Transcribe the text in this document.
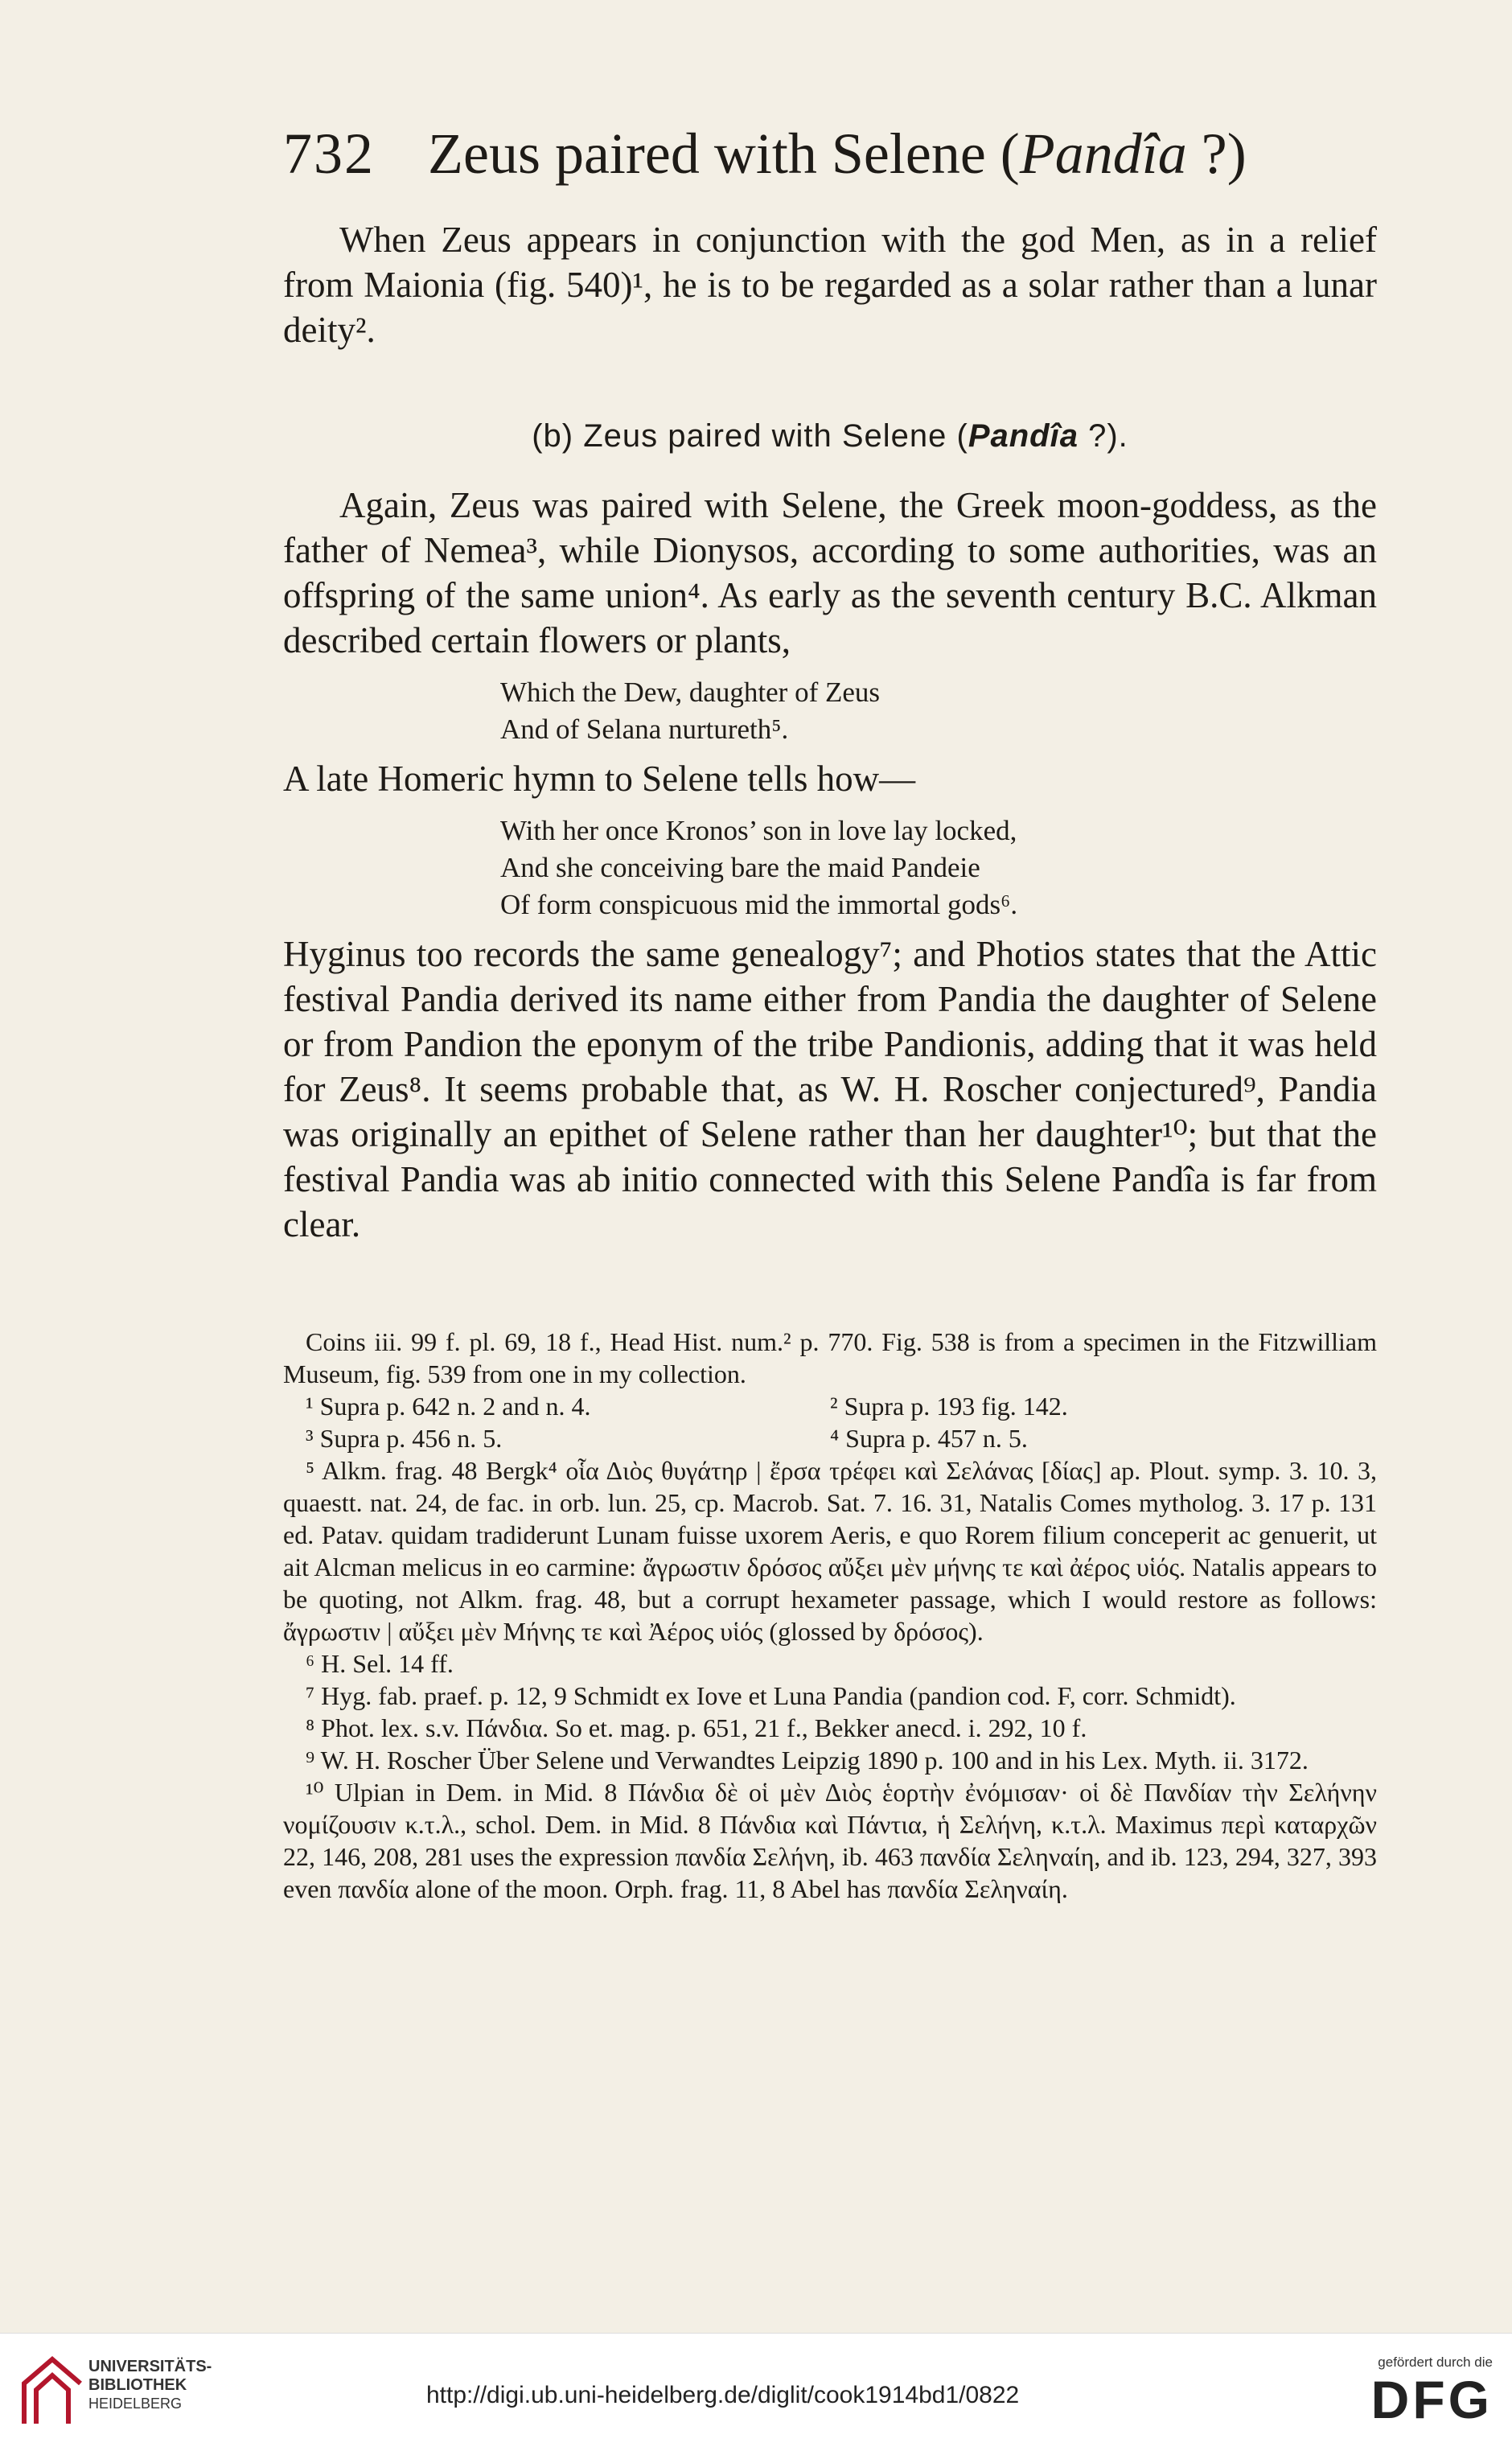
732 Zeus paired with Selene (Pandîa ?)

When Zeus appears in conjunction with the god Men, as in a relief from Maionia (fig. 540)¹, he is to be regarded as a solar rather than a lunar deity².

(b) Zeus paired with Selene (Pandîa ?).

Again, Zeus was paired with Selene, the Greek moon-goddess, as the father of Nemea³, while Dionysos, according to some authorities, was an offspring of the same union⁴. As early as the seventh century B.C. Alkman described certain flowers or plants,

Which the Dew, daughter of Zeus
And of Selana nurtureth⁵.

A late Homeric hymn to Selene tells how—

With her once Kronos’ son in love lay locked,
And she conceiving bare the maid Pandeie
Of form conspicuous mid the immortal gods⁶.

Hyginus too records the same genealogy⁷; and Photios states that the Attic festival Pandia derived its name either from Pandia the daughter of Selene or from Pandion the eponym of the tribe Pandionis, adding that it was held for Zeus⁸. It seems probable that, as W. H. Roscher conjectured⁹, Pandia was originally an epithet of Selene rather than her daughter¹⁰; but that the festival Pandia was ab initio connected with this Selene Pandîa is far from clear.

Coins iii. 99 f. pl. 69, 18 f., Head Hist. num.² p. 770. Fig. 538 is from a specimen in the Fitzwilliam Museum, fig. 539 from one in my collection.

¹ Supra p. 642 n. 2 and n. 4.	² Supra p. 193 fig. 142.
³ Supra p. 456 n. 5.	⁴ Supra p. 457 n. 5.

⁵ Alkm. frag. 48 Bergk⁴ οἷα Διὸς θυγάτηρ | ἔρσα τρέφει καὶ Σελάνας [δίας] ap. Plout. symp. 3. 10. 3, quaestt. nat. 24, de fac. in orb. lun. 25, cp. Macrob. Sat. 7. 16. 31, Natalis Comes mytholog. 3. 17 p. 131 ed. Patav. quidam tradiderunt Lunam fuisse uxorem Aeris, e quo Rorem filium conceperit ac genuerit, ut ait Alcman melicus in eo carmine: ἄγρωστιν δρόσος αὔξει μὲν μήνης τε καὶ ἀέρος υἱός. Natalis appears to be quoting, not Alkm. frag. 48, but a corrupt hexameter passage, which I would restore as follows: ἄγρωστιν | αὔξει μὲν Μήνης τε καὶ Ἀέρος υἱός (glossed by δρόσος).

⁶ H. Sel. 14 ff.

⁷ Hyg. fab. praef. p. 12, 9 Schmidt ex Iove et Luna Pandia (pandion cod. F, corr. Schmidt).

⁸ Phot. lex. s.v. Πάνδια. So et. mag. p. 651, 21 f., Bekker anecd. i. 292, 10 f.

⁹ W. H. Roscher Über Selene und Verwandtes Leipzig 1890 p. 100 and in his Lex. Myth. ii. 3172.

¹⁰ Ulpian in Dem. in Mid. 8 Πάνδια δὲ οἱ μὲν Διὸς ἑορτὴν ἐνόμισαν· οἱ δὲ Πανδίαν τὴν Σελήνην νομίζουσιν κ.τ.λ., schol. Dem. in Mid. 8 Πάνδια καὶ Πάντια, ἡ Σελήνη, κ.τ.λ. Maximus περὶ καταρχῶν 22, 146, 208, 281 uses the expression πανδία Σελήνη, ib. 463 πανδία Σεληναίη, and ib. 123, 294, 327, 393 even πανδία alone of the moon. Orph. frag. 11, 8 Abel has πανδία Σεληναίη.

UNIVERSITÄTS-
BIBLIOTHEK
HEIDELBERG	http://digi.ub.uni-heidelberg.de/diglit/cook1914bd1/0822
gefördert durch die
DFG
